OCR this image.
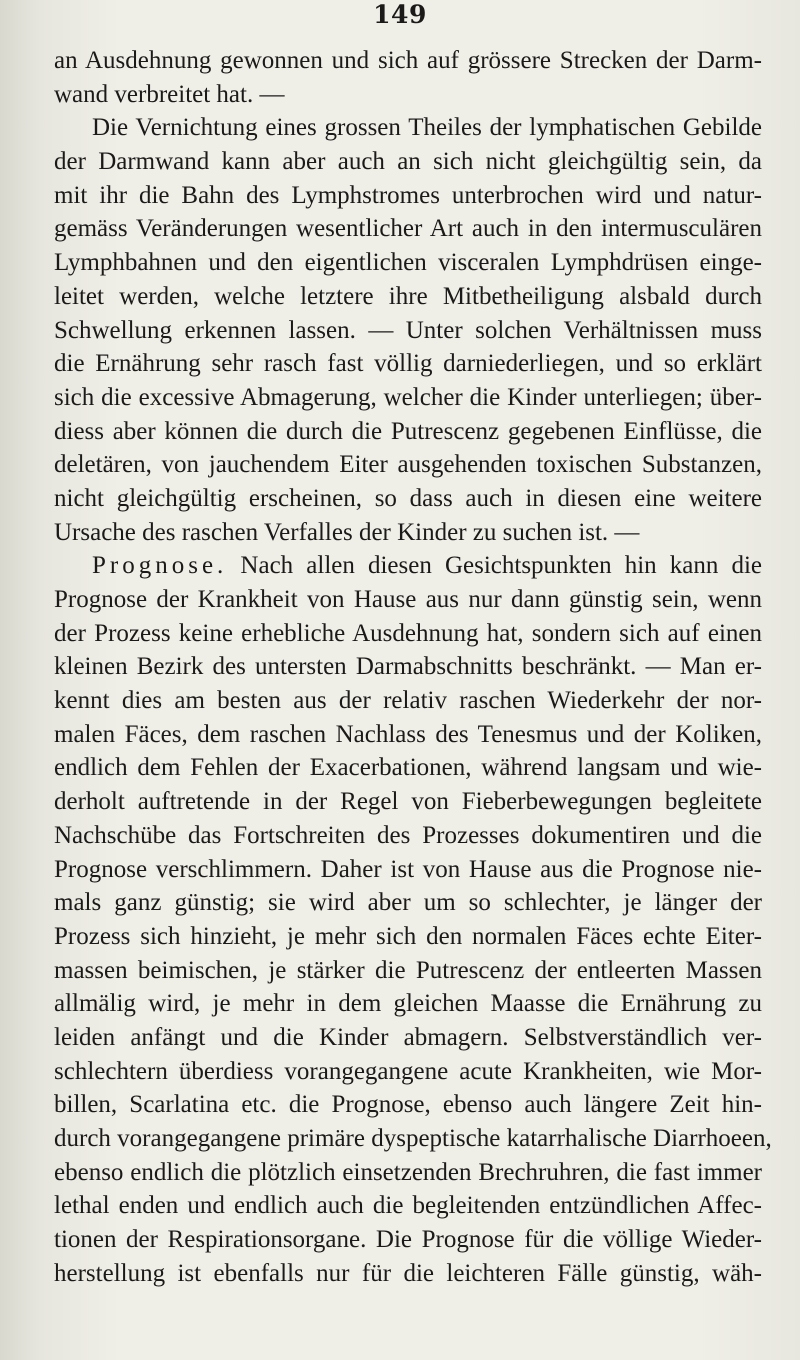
149
an Ausdehnung gewonnen und sich auf grössere Strecken der Darm-
wand verbreitet hat. —
Die Vernichtung eines grossen Theiles der lymphatischen Gebilde
der Darmwand kann aber auch an sich nicht gleichgültig sein, da
mit ihr die Bahn des Lymphstromes unterbrochen wird und natur-
gemäss Veränderungen wesentlicher Art auch in den intermusculären
Lymphbahnen und den eigentlichen visceralen Lymphdrüsen einge-
leitet werden, welche letztere ihre Mitbetheiligung alsbald durch
Schwellung erkennen lassen. — Unter solchen Verhältnissen muss
die Ernährung sehr rasch fast völlig darniederliegen, und so erklärt
sich die excessive Abmagerung, welcher die Kinder unterliegen; über-
diess aber können die durch die Putrescenz gegebenen Einflüsse, die
deletären, von jauchendem Eiter ausgehenden toxischen Substanzen,
nicht gleichgültig erscheinen, so dass auch in diesen eine weitere
Ursache des raschen Verfalles der Kinder zu suchen ist. —
Prognose. Nach allen diesen Gesichtspunkten hin kann die
Prognose der Krankheit von Hause aus nur dann günstig sein, wenn
der Prozess keine erhebliche Ausdehnung hat, sondern sich auf einen
kleinen Bezirk des untersten Darmabschnitts beschränkt. — Man er-
kennt dies am besten aus der relativ raschen Wiederkehr der nor-
malen Fäces, dem raschen Nachlass des Tenesmus und der Koliken,
endlich dem Fehlen der Exacerbationen, während langsam und wie-
derholt auftretende in der Regel von Fieberbewegungen begleitete
Nachschübe das Fortschreiten des Prozesses dokumentiren und die
Prognose verschlimmern. Daher ist von Hause aus die Prognose nie-
mals ganz günstig; sie wird aber um so schlechter, je länger der
Prozess sich hinzieht, je mehr sich den normalen Fäces echte Eiter-
massen beimischen, je stärker die Putrescenz der entleerten Massen
allmälig wird, je mehr in dem gleichen Maasse die Ernährung zu
leiden anfängt und die Kinder abmagern. Selbstverständlich ver-
schlechtern überdiess vorangegangene acute Krankheiten, wie Mor-
billen, Scarlatina etc. die Prognose, ebenso auch längere Zeit hin-
durch vorangegangene primäre dyspeptische katarrhalische Diarrhoeen,
ebenso endlich die plötzlich einsetzenden Brechruhren, die fast immer
lethal enden und endlich auch die begleitenden entzündlichen Affec-
tionen der Respirationsorgane. Die Prognose für die völlige Wieder-
herstellung ist ebenfalls nur für die leichteren Fälle günstig, wäh-
